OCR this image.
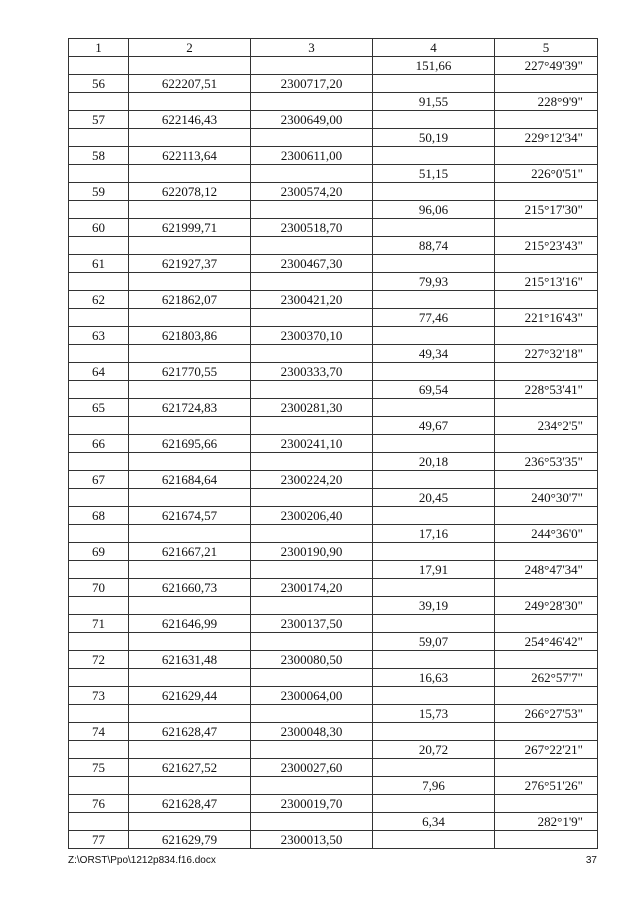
1	2	3	4	5
			151,66	227°49'39"
56	622207,51	2300717,20		
			91,55	228°9'9"
57	622146,43	2300649,00		
			50,19	229°12'34"
58	622113,64	2300611,00		
			51,15	226°0'51"
59	622078,12	2300574,20		
			96,06	215°17'30"
60	621999,71	2300518,70		
			88,74	215°23'43"
61	621927,37	2300467,30		
			79,93	215°13'16"
62	621862,07	2300421,20		
			77,46	221°16'43"
63	621803,86	2300370,10		
			49,34	227°32'18"
64	621770,55	2300333,70		
			69,54	228°53'41"
65	621724,83	2300281,30		
			49,67	234°2'5"
66	621695,66	2300241,10		
			20,18	236°53'35"
67	621684,64	2300224,20		
			20,45	240°30'7"
68	621674,57	2300206,40		
			17,16	244°36'0"
69	621667,21	2300190,90		
			17,91	248°47'34"
70	621660,73	2300174,20		
			39,19	249°28'30"
71	621646,99	2300137,50		
			59,07	254°46'42"
72	621631,48	2300080,50		
			16,63	262°57'7"
73	621629,44	2300064,00		
			15,73	266°27'53"
74	621628,47	2300048,30		
			20,72	267°22'21"
75	621627,52	2300027,60		
			7,96	276°51'26"
76	621628,47	2300019,70		
			6,34	282°1'9"
77	621629,79	2300013,50		
Z:\ORST\Ppo\1212p834.f16.docx	37
